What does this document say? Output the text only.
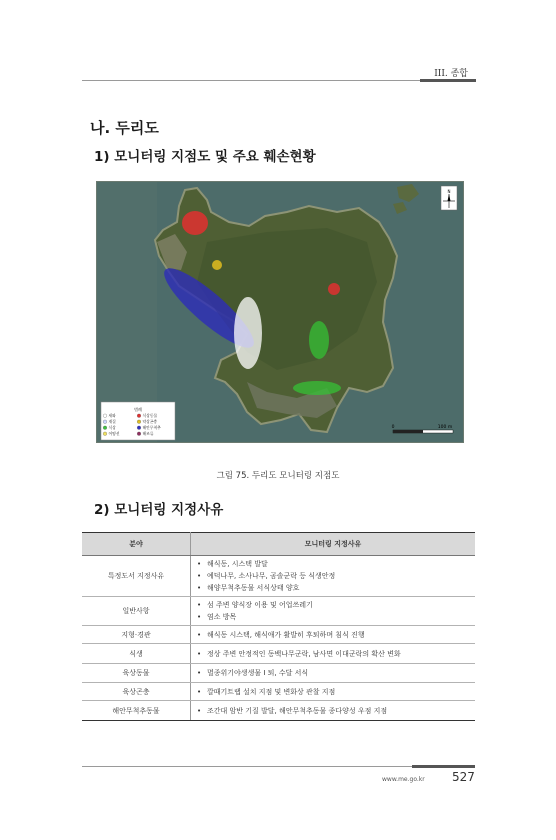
III. 종합
나. 두리도
1) 모니터링 지점도 및 주요 훼손현황
N
범례
새와	식상동물
재질	약상곤충
식상	해안무척추
어떻선	해조류
0	100 m
그림 75. 두리도 모니터링 지점도
2) 모니터링 지정사유
분야	모니터링 지정사유
특정도서 지정사유	• 해식동, 시스택 발달
• 예덕나무, 소사나무, 곰솔군락 등 식생안정
• 해양무척추동물 서식상태 양호

일반사항	• 섬 주변 양식장 이용 및 어업쓰레기
• 염소 방목

지형·경관	• 해식동 시스택, 해식애가 활발히 후퇴하며 침식 진행

식생	• 정상 주변 안정적인 동백나무군락, 남사면 이대군락의 확산 변화

육상동물	• 멸종위기야생생물 Ⅰ 퇴, 수달 서식

육상곤충	• 깔때기트랩 설치 지점 및 변화상 관찰 지점

해안무척추동물	• 조간대 암반 기질 발달, 해안무척추동물 종다양성 우점 지점
www.me.go.kr 527
